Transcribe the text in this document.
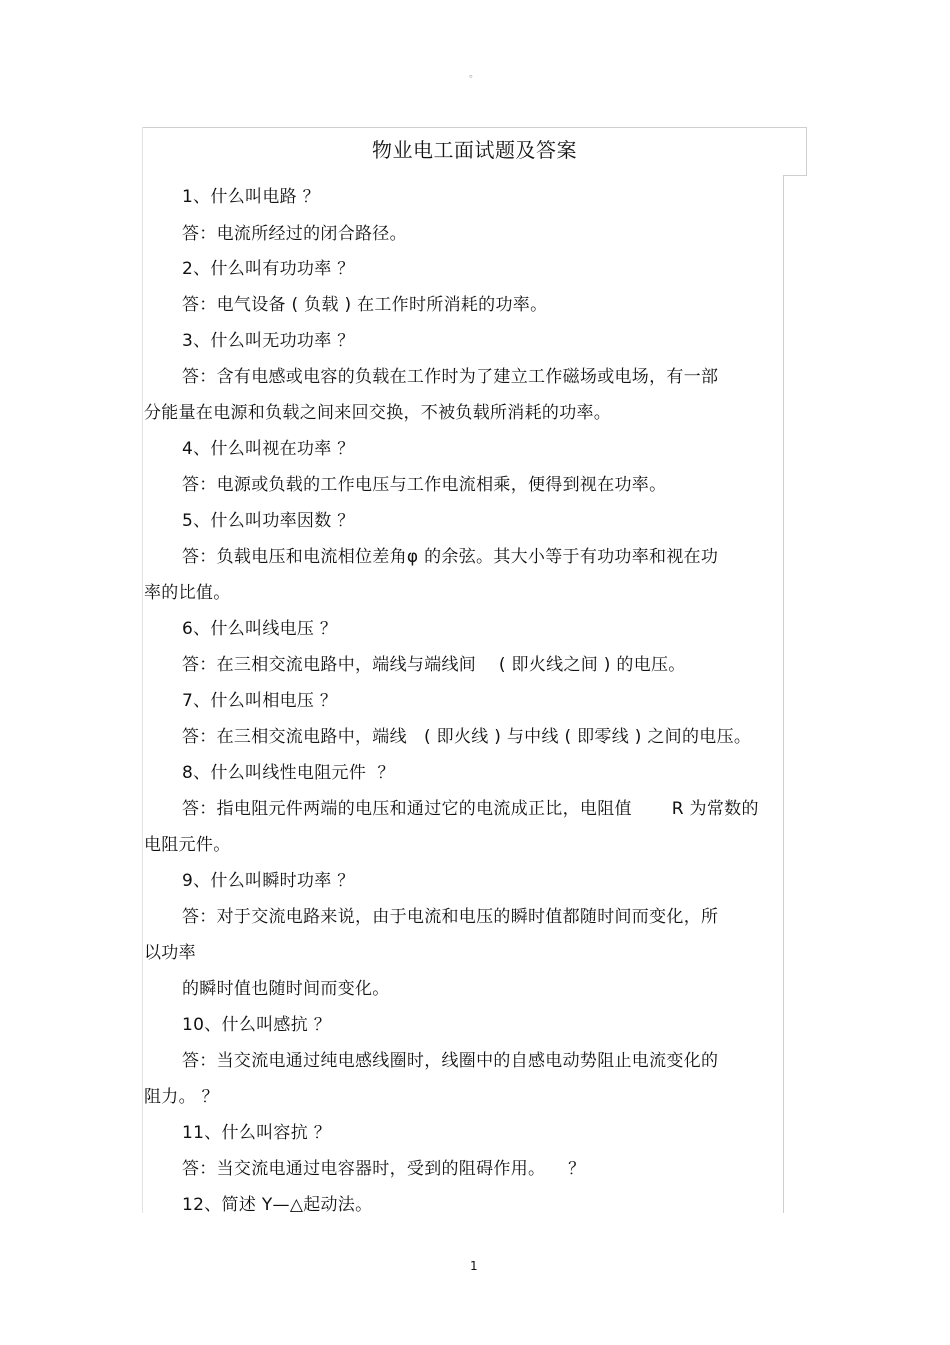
。
物业电工面试题及答案
1、什么叫电路 ？
答：电流所经过的闭合路径。
2、什么叫有功功率 ？
答：电气设备 ( 负载 ) 在工作时所消耗的功率。
3、什么叫无功功率 ？
答：含有电感或电容的负载在工作时为了建立工作磁场或电场，有一部
分能量在电源和负载之间来回交换，不被负载所消耗的功率。
4、什么叫视在功率 ？
答：电源或负载的工作电压与工作电流相乘，便得到视在功率。
5、什么叫功率因数 ？
答：负载电压和电流相位差角φ 的余弦。其大小等于有功功率和视在功
率的比值。
6、什么叫线电压 ？
答：在三相交流电路中，端线与端线间    ( 即火线之间 ) 的电压。
7、什么叫相电压 ？
答：在三相交流电路中，端线   ( 即火线 ) 与中线 ( 即零线 ) 之间的电压。
8、什么叫线性电阻元件  ？
答：指电阻元件两端的电压和通过它的电流成正比，电阻值       R 为常数的
电阻元件。
9、什么叫瞬时功率 ？
答：对于交流电路来说，由于电流和电压的瞬时值都随时间而变化，所
以功率
的瞬时值也随时间而变化。
10、什么叫感抗 ？
答：当交流电通过纯电感线圈时，线圈中的自感电动势阻止电流变化的
阻力。 ？
11、什么叫容抗 ？
答：当交流电通过电容器时，受到的阻碍作用。    ？
12、简述 Y—△起动法。
1
